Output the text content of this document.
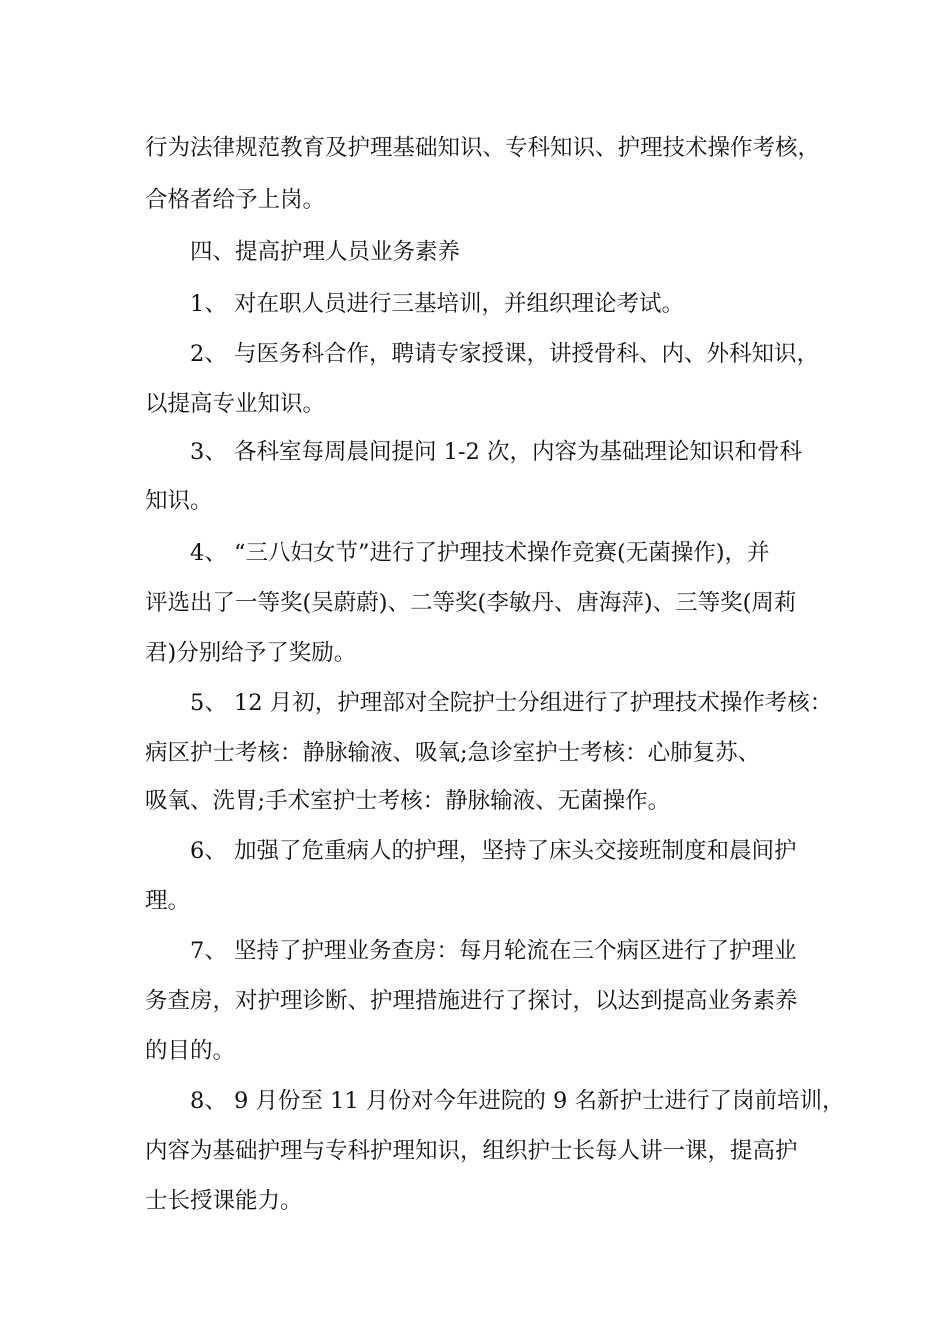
行为法律规范教育及护理基础知识、专科知识、护理技术操作考核，
合格者给予上岗。
四、提高护理人员业务素养
1、 对在职人员进行三基培训，并组织理论考试。
2、 与医务科合作，聘请专家授课，讲授骨科、内、外科知识，
以提高专业知识。
3、 各科室每周晨间提问 1-2 次，内容为基础理论知识和骨科
知识。
4、 “三八妇女节”进行了护理技术操作竞赛(无菌操作)，并
评选出了一等奖(吴蔚蔚)、二等奖(李敏丹、唐海萍)、三等奖(周莉
君)分别给予了奖励。
5、 12 月初，护理部对全院护士分组进行了护理技术操作考核：
病区护士考核：静脉输液、吸氧;急诊室护士考核：心肺复苏、
吸氧、洗胃;手术室护士考核：静脉输液、无菌操作。
6、 加强了危重病人的护理，坚持了床头交接班制度和晨间护
理。
7、 坚持了护理业务查房：每月轮流在三个病区进行了护理业
务查房，对护理诊断、护理措施进行了探讨，以达到提高业务素养
的目的。
8、 9 月份至 11 月份对今年进院的 9 名新护士进行了岗前培训，
内容为基础护理与专科护理知识，组织护士长每人讲一课，提高护
士长授课能力。
